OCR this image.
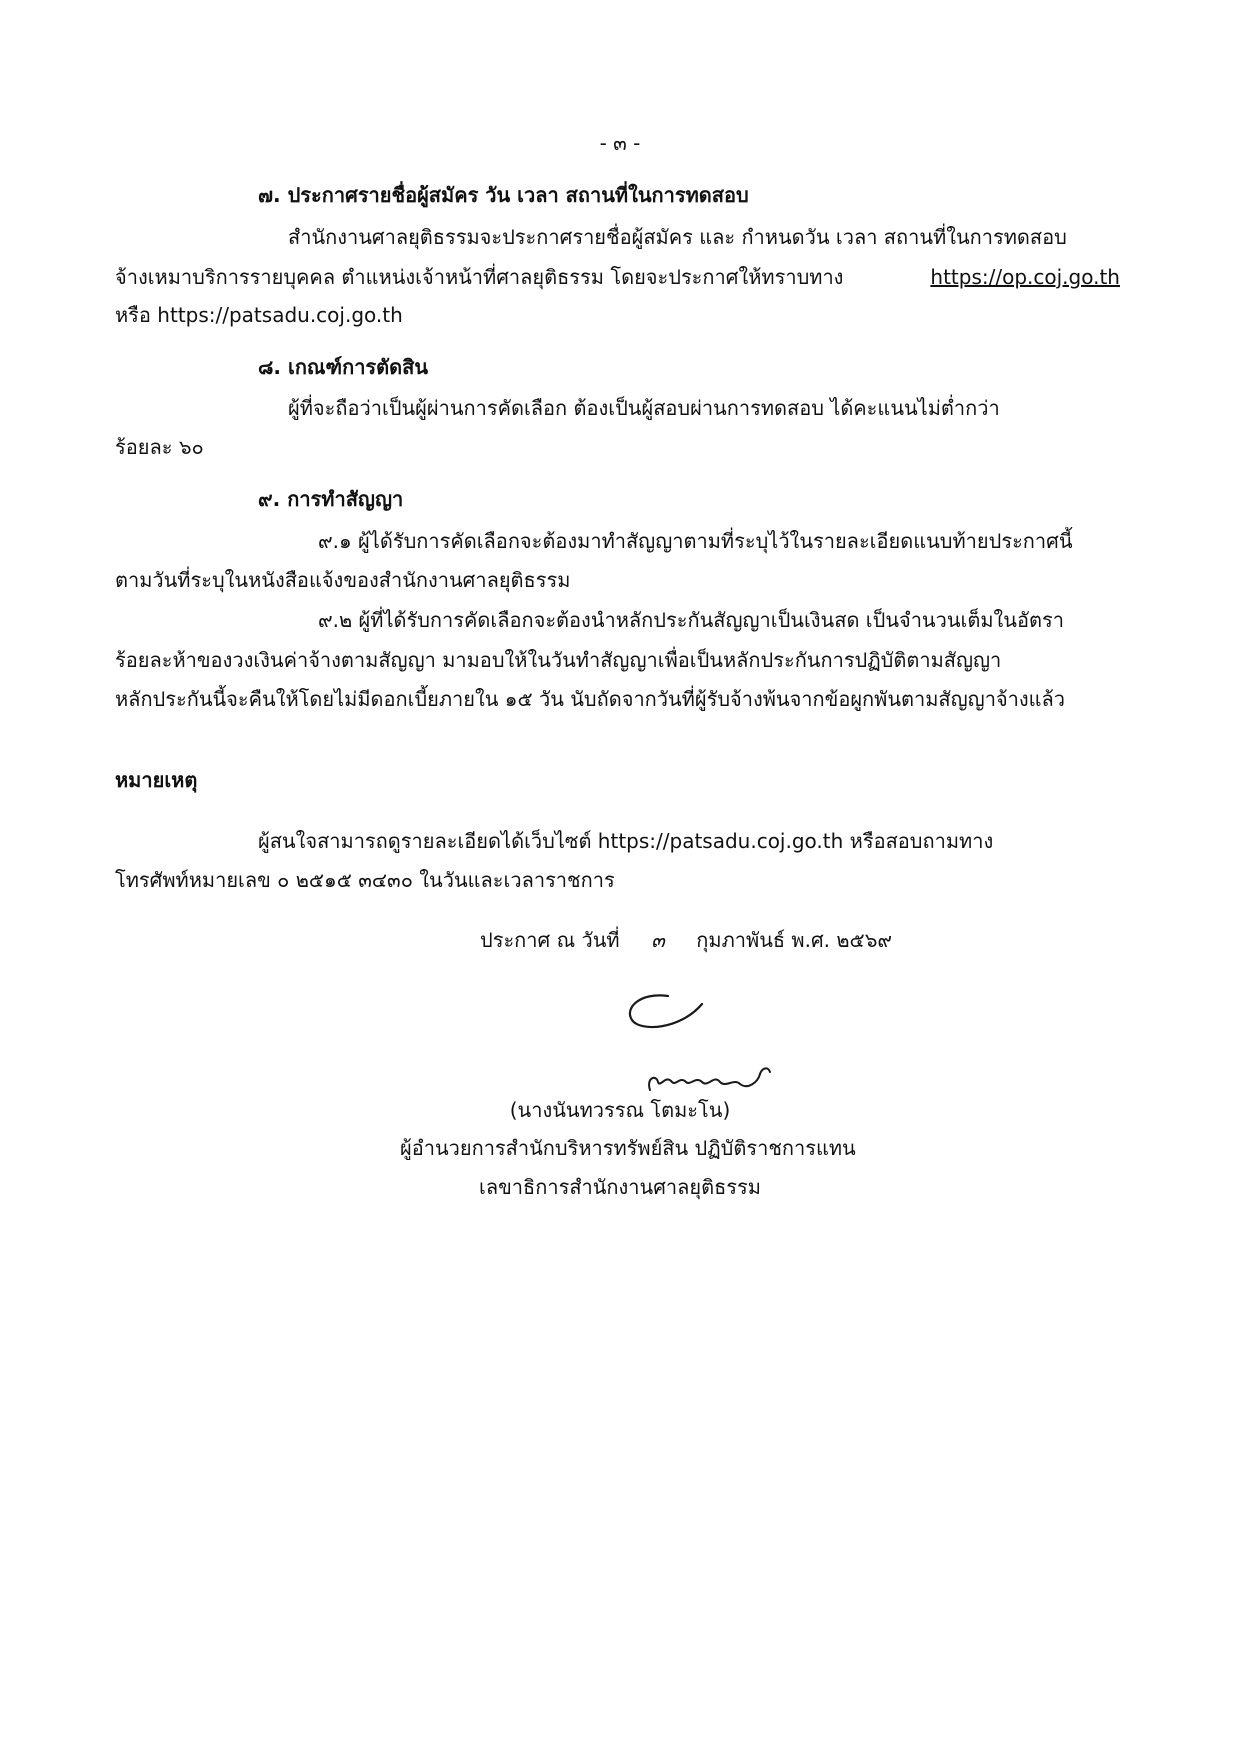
- ๓ -
๗. ประกาศรายชื่อผู้สมัคร วัน เวลา สถานที่ในการทดสอบ
สำนักงานศาลยุติธรรมจะประกาศรายชื่อผู้สมัคร และ กำหนดวัน เวลา สถานที่ในการทดสอบ
จ้างเหมาบริการรายบุคคล ตำแหน่งเจ้าหน้าที่ศาลยุติธรรม โดยจะประกาศให้ทราบทาง	https://op.coj.go.th
หรือ https://patsadu.coj.go.th
๘. เกณฑ์การตัดสิน
ผู้ที่จะถือว่าเป็นผู้ผ่านการคัดเลือก ต้องเป็นผู้สอบผ่านการทดสอบ ได้คะแนนไม่ต่ำกว่า
ร้อยละ ๖๐
๙. การทำสัญญา
๙.๑ ผู้ได้รับการคัดเลือกจะต้องมาทำสัญญาตามที่ระบุไว้ในรายละเอียดแนบท้ายประกาศนี้
ตามวันที่ระบุในหนังสือแจ้งของสำนักงานศาลยุติธรรม
๙.๒ ผู้ที่ได้รับการคัดเลือกจะต้องนำหลักประกันสัญญาเป็นเงินสด เป็นจำนวนเต็มในอัตรา
ร้อยละห้าของวงเงินค่าจ้างตามสัญญา มามอบให้ในวันทำสัญญาเพื่อเป็นหลักประกันการปฏิบัติตามสัญญา
หลักประกันนี้จะคืนให้โดยไม่มีดอกเบี้ยภายใน ๑๕ วัน นับถัดจากวันที่ผู้รับจ้างพ้นจากข้อผูกพันตามสัญญาจ้างแล้ว
หมายเหตุ
ผู้สนใจสามารถดูรายละเอียดได้เว็บไซต์ https://patsadu.coj.go.th หรือสอบถามทาง
โทรศัพท์หมายเลข ๐ ๒๕๑๕ ๓๔๓๐ ในวันและเวลาราชการ
ประกาศ ณ วันที่ ๓ กุมภาพันธ์ พ.ศ. ๒๕๖๙
(นางนันทวรรณ โตมะโน)
ผู้อำนวยการสำนักบริหารทรัพย์สิน ปฏิบัติราชการแทน
เลขาธิการสำนักงานศาลยุติธรรม
